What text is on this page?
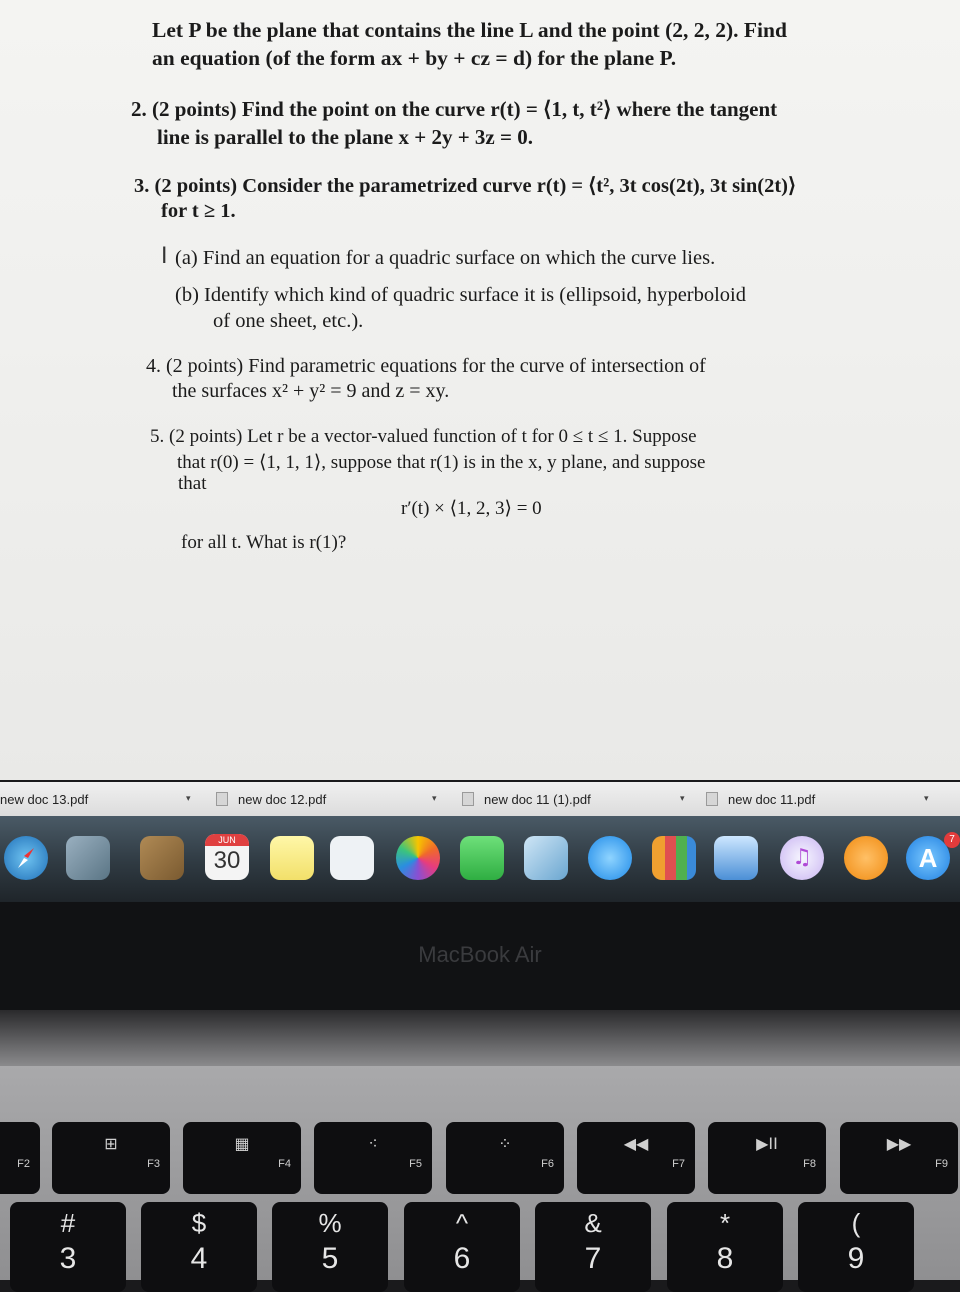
Let P be the plane that contains the line L and the point (2, 2, 2). Find
an equation (of the form ax + by + cz = d) for the plane P.
2. (2 points) Find the point on the curve r(t) = ⟨1, t, t²⟩ where the tangent
line is parallel to the plane x + 2y + 3z = 0.
3. (2 points) Consider the parametrized curve r(t) = ⟨t², 3t cos(2t), 3t sin(2t)⟩
for t ≥ 1.
I (a) Find an equation for a quadric surface on which the curve lies.
(b) Identify which kind of quadric surface it is (ellipsoid, hyperboloid
of one sheet, etc.).
4. (2 points) Find parametric equations for the curve of intersection of
the surfaces x² + y² = 9 and z = xy.
5. (2 points) Let r be a vector-valued function of t for 0 ≤ t ≤ 1. Suppose
that r(0) = ⟨1, 1, 1⟩, suppose that r(1) is in the x, y plane, and suppose
that
r′(t) × ⟨1, 2, 3⟩ = 0
for all t. What is r(1)?
new doc 13.pdf	▾	new doc 12.pdf	▾	new doc 11 (1).pdf	▾	new doc 11.pdf	▾
JUN
30	♫	A
7
MacBook Air
F2
⊞
F3
▦
F4
⁖
F5
⁘
F6
◀◀
F7
▶II
F8
▶▶
F9
#
3
$
4
%
5
^
6
&
7
*
8
(
9
